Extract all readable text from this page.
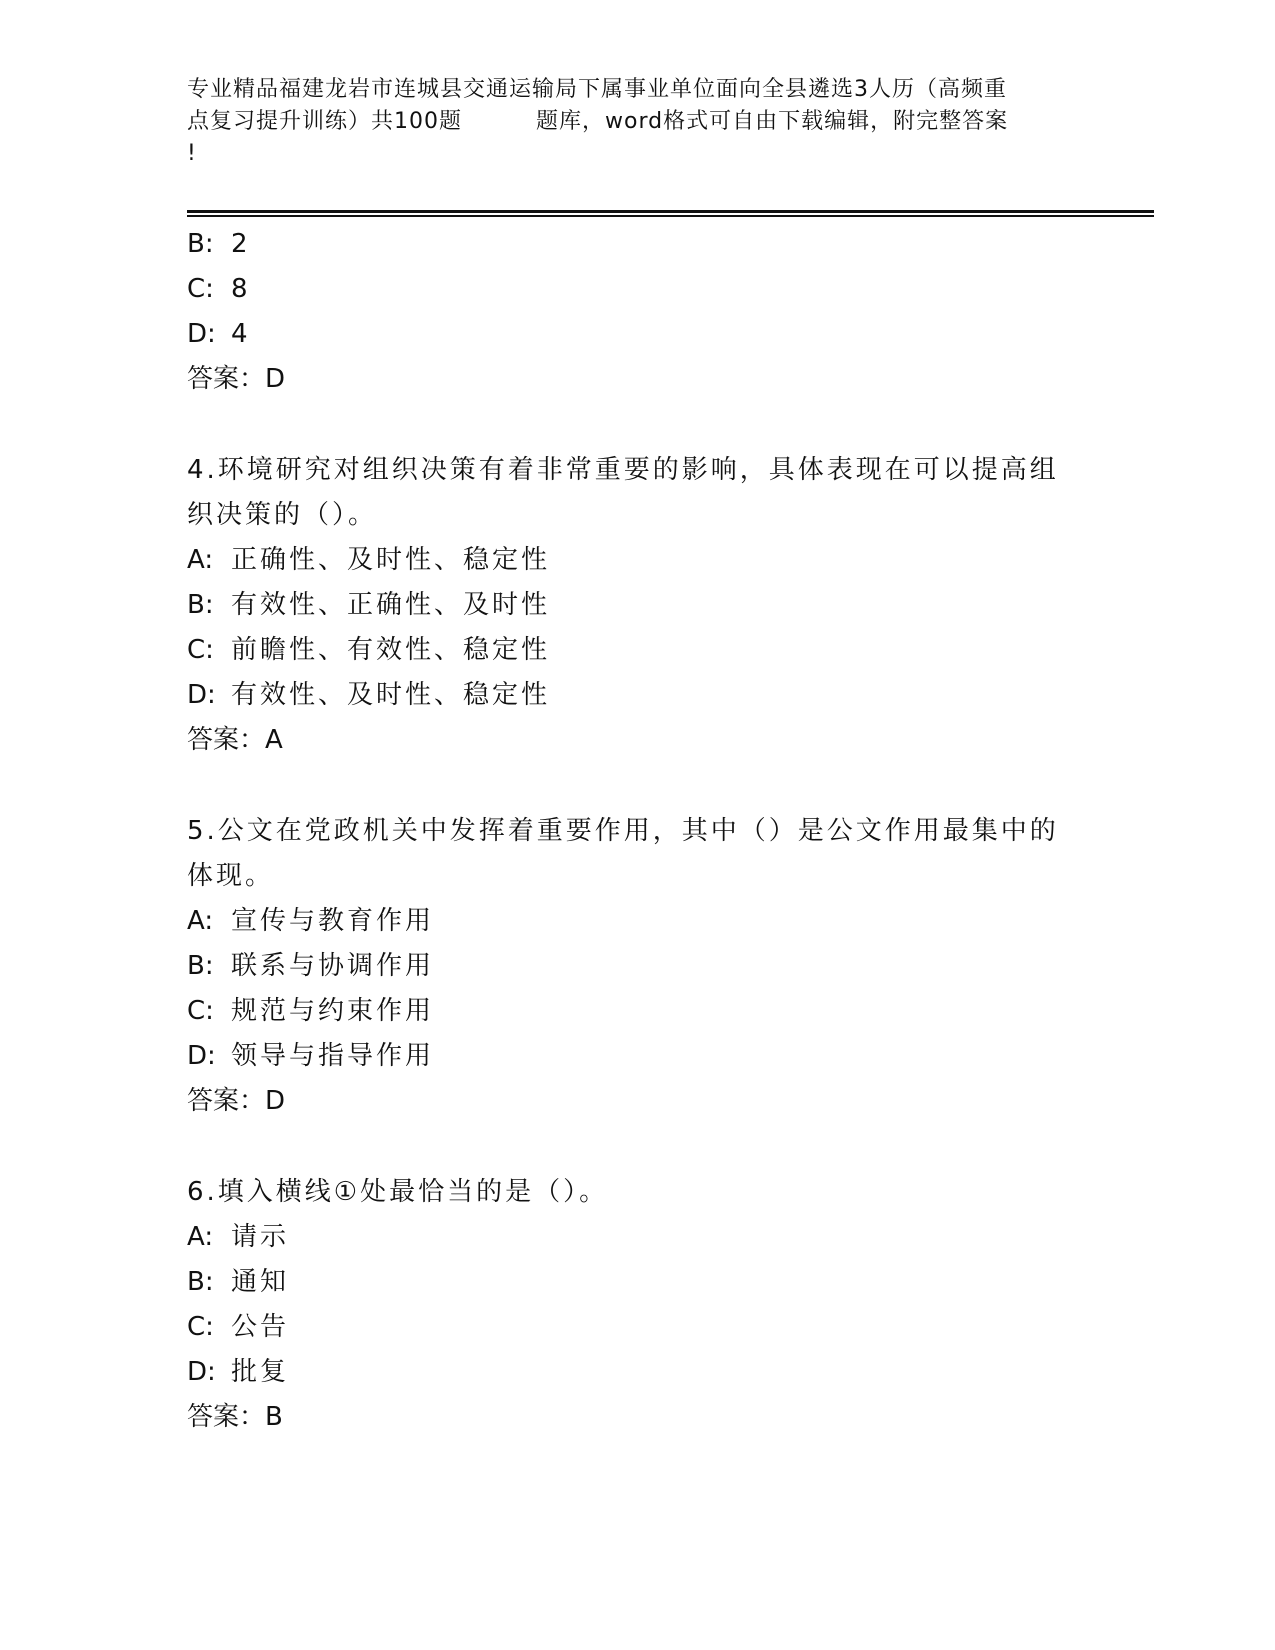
专业精品福建龙岩市连城县交通运输局下属事业单位面向全县遴选3人历（高频重
点复习提升训练）共100题	题库，word格式可自由下载编辑，附完整答案
!

B: 2

C: 8

D: 4

答案：D

4.环境研究对组织决策有着非常重要的影响，具体表现在可以提高组
织决策的（）。

A: 正确性、及时性、稳定性

B: 有效性、正确性、及时性

C: 前瞻性、有效性、稳定性

D: 有效性、及时性、稳定性

答案：A

5.公文在党政机关中发挥着重要作用，其中（）是公文作用最集中的
体现。

A: 宣传与教育作用

B: 联系与协调作用

C: 规范与约束作用

D: 领导与指导作用

答案：D

6.填入横线①处最恰当的是（）。

A: 请示

B: 通知

C: 公告

D: 批复

答案：B
